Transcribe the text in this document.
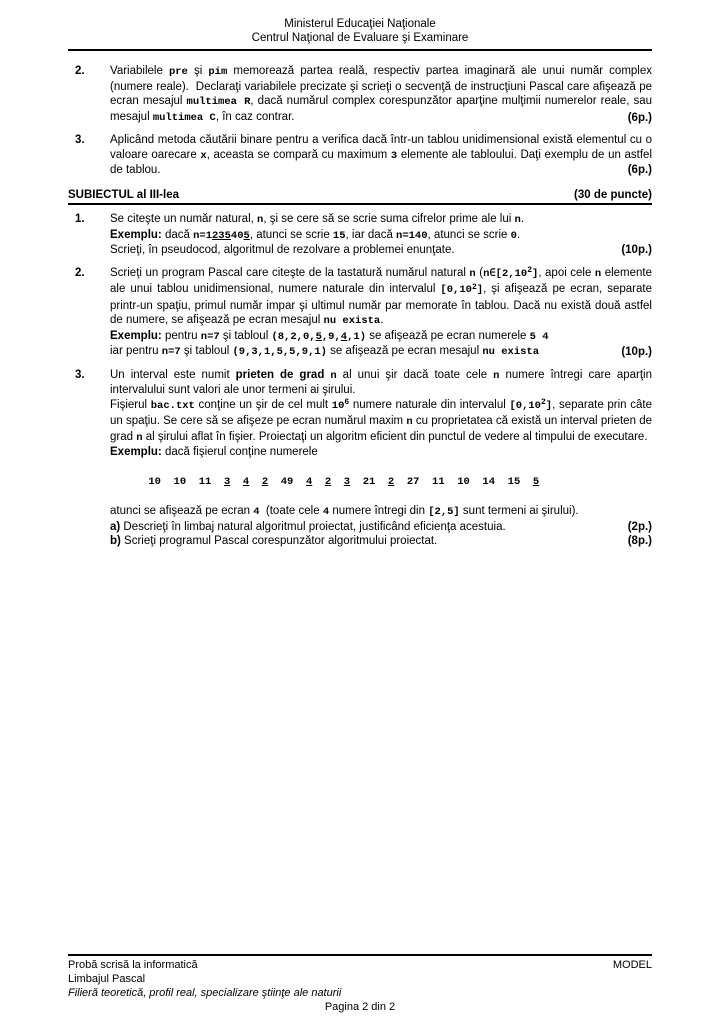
Ministerul Educaţiei Naţionale
Centrul Naţional de Evaluare şi Examinare
2.	Variabilele pre şi pim memorează partea reală, respectiv partea imaginară ale unui număr complex (numere reale).  Declaraţi variabilele precizate şi scrieţi o secvenţă de instrucţiuni Pascal care afişează pe ecran mesajul multimea R, dacă numărul complex corespunzător aparţine mulţimii numerelor reale, sau mesajul multimea C, în caz contrar.	(6p.)
3.	Aplicând metoda căutării binare pentru a verifica dacă într-un tablou unidimensional există elementul cu o valoare oarecare x, aceasta se compară cu maximum 3 elemente ale tabloului. Daţi exemplu de un astfel de tablou.	(6p.)
SUBIECTUL al III-lea	(30 de puncte)
1.	Se citeşte un număr natural, n, şi se cere să se scrie suma cifrelor prime ale lui n.
Exemplu: dacă n=1235405, atunci se scrie 15, iar dacă n=140, atunci se scrie 0.
Scrieţi, în pseudocod, algoritmul de rezolvare a problemei enunţate.	(10p.)
2.	Scrieţi un program Pascal care citeşte de la tastatură numărul natural n (n∈[2,10$^2$], apoi cele n elemente ale unui tablou unidimensional, numere naturale din intervalul [0,10$^2$], şi afişează pe ecran, separate printr-un spaţiu, primul număr impar şi ultimul număr par memorate în tablou. Dacă nu există două astfel de numere, se afişează pe ecran mesajul nu exista.
Exemplu: pentru n=7 şi tabloul (8,2,0,5,9,4,1) se afişează pe ecran numerele 5 4
iar pentru n=7 şi tabloul (9,3,1,5,5,9,1) se afişează pe ecran mesajul nu exista	(10p.)
3.	Un interval este numit prieten de grad n al unui şir dacă toate cele n numere întregi care aparţin intervalului sunt valori ale unor termeni ai şirului.
Fişierul bac.txt conţine un şir de cel mult $10^6$ numere naturale din intervalul [0,10$^2$], separate prin câte un spaţiu. Se cere să se afişeze pe ecran numărul maxim n cu proprietatea că există un interval prieten de grad n al şirului aflat în fişier. Proiectaţi un algoritm eficient din punctul de vedere al timpului de executare.
Exemplu: dacă fişierul conţine numerele

10  10  11  3 4 2  49  4 2 3  21  2  27  11  10  14  15  5

atunci se afişează pe ecran 4  (toate cele 4 numere întregi din [2,5] sunt termeni ai şirului).
a) Descrieţi în limbaj natural algoritmul proiectat, justificând eficienţa acestuia.	(2p.)
b) Scrieţi programul Pascal corespunzător algoritmului proiectat.	(8p.)
Probă scrisă la informatică	MODEL
Limbajul Pascal
Filieră teoretică, profil real, specializare ştiinţe ale naturii
Pagina 2 din 2
